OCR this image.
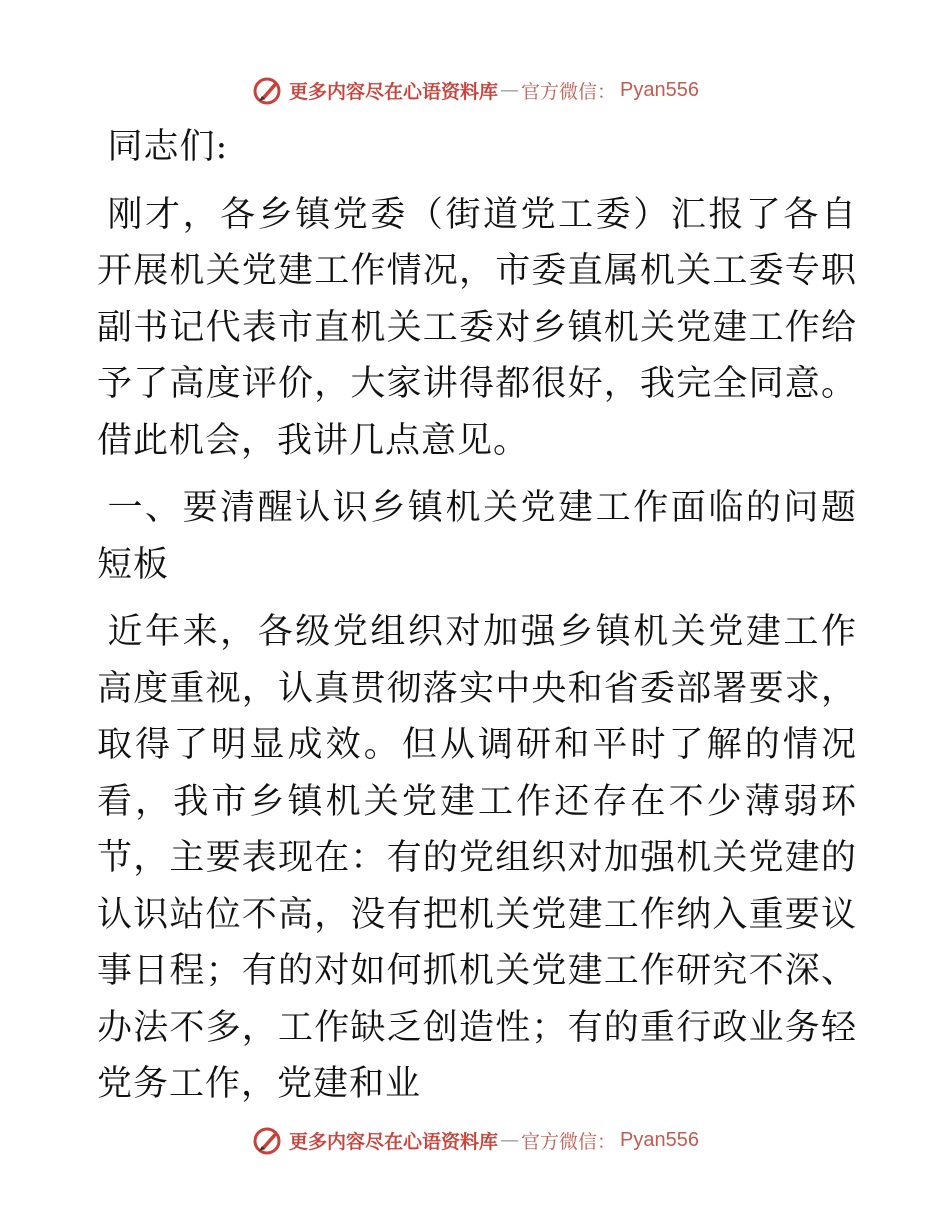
更多内容尽在心语资料库 — 官方微信： Pyan556

同志们:

刚才，各乡镇党委（街道党工委）汇报了各自开展机关党建工作情况，市委直属机关工委专职副书记代表市直机关工委对乡镇机关党建工作给予了高度评价，大家讲得都很好，我完全同意。借此机会，我讲几点意见。

一、要清醒认识乡镇机关党建工作面临的问题短板

近年来，各级党组织对加强乡镇机关党建工作高度重视，认真贯彻落实中央和省委部署要求，取得了明显成效。但从调研和平时了解的情况看，我市乡镇机关党建工作还存在不少薄弱环节，主要表现在：有的党组织对加强机关党建的认识站位不高，没有把机关党建工作纳入重要议事日程；有的对如何抓机关党建工作研究不深、办法不多，工作缺乏创造性；有的重行政业务轻党务工作，党建和业

更多内容尽在心语资料库 — 官方微信： Pyan556
